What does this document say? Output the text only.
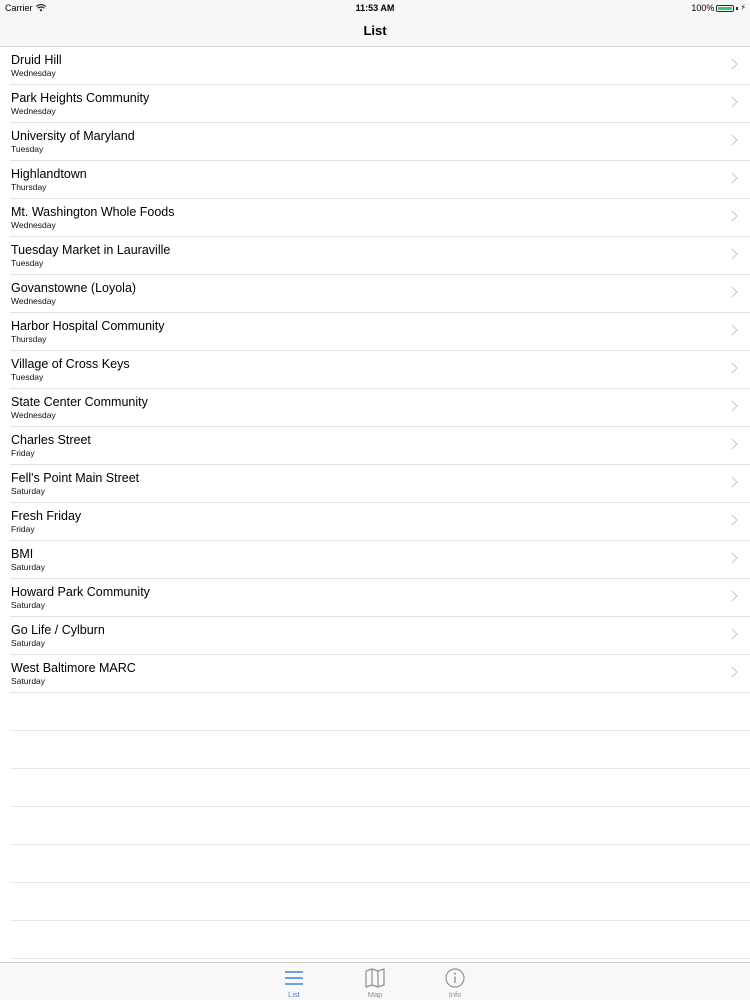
Carrier	11:53 AM	100%	⚡
List
Druid Hill
Wednesday
Park Heights Community
Wednesday
University of Maryland
Tuesday
Highlandtown
Thursday
Mt. Washington Whole Foods
Wednesday
Tuesday Market in Lauraville
Tuesday
Govanstowne (Loyola)
Wednesday
Harbor Hospital Community
Thursday
Village of Cross Keys
Tuesday
State Center Community
Wednesday
Charles Street
Friday
Fell's Point Main Street
Saturday
Fresh Friday
Friday
BMI
Saturday
Howard Park Community
Saturday
Go Life / Cylburn
Saturday
West Baltimore MARC
Saturday
List	Map	Info
